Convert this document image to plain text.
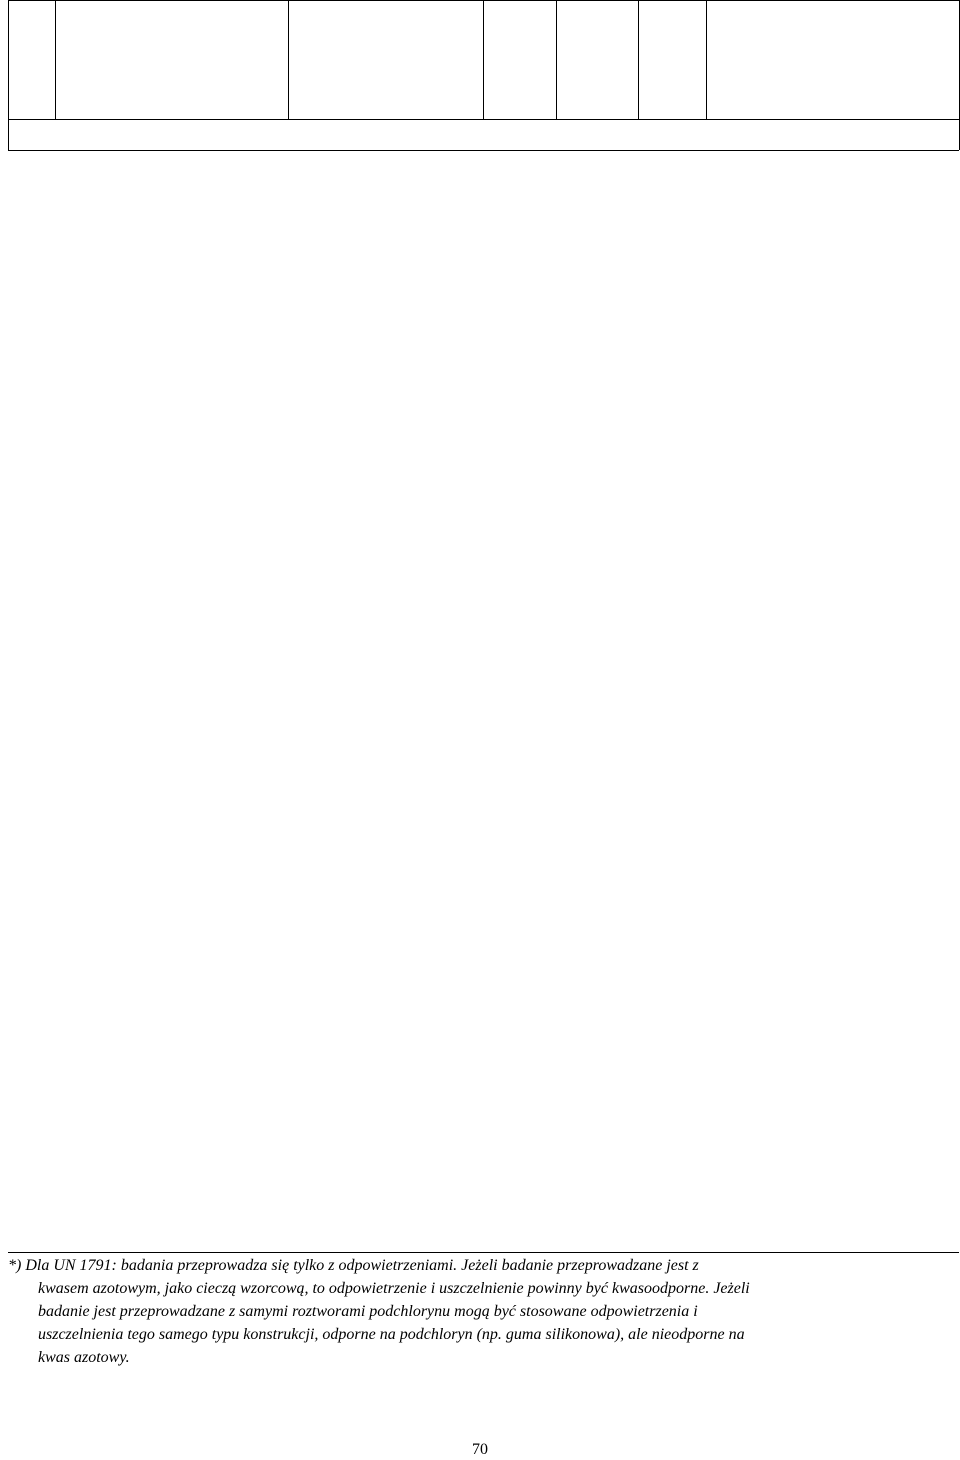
*) Dla UN 1791: badania przeprowadza się tylko z odpowietrzeniami. Jeżeli badanie przeprowadzane jest z

kwasem azotowym, jako cieczą wzorcową, to odpowietrzenie i uszczelnienie powinny być kwasoodporne. Jeżeli

badanie jest przeprowadzane z samymi roztworami podchlorynu mogą być stosowane odpowietrzenia i

uszczelnienia tego samego typu konstrukcji, odporne na podchloryn (np. guma silikonowa), ale nieodporne na

kwas azotowy.

70
